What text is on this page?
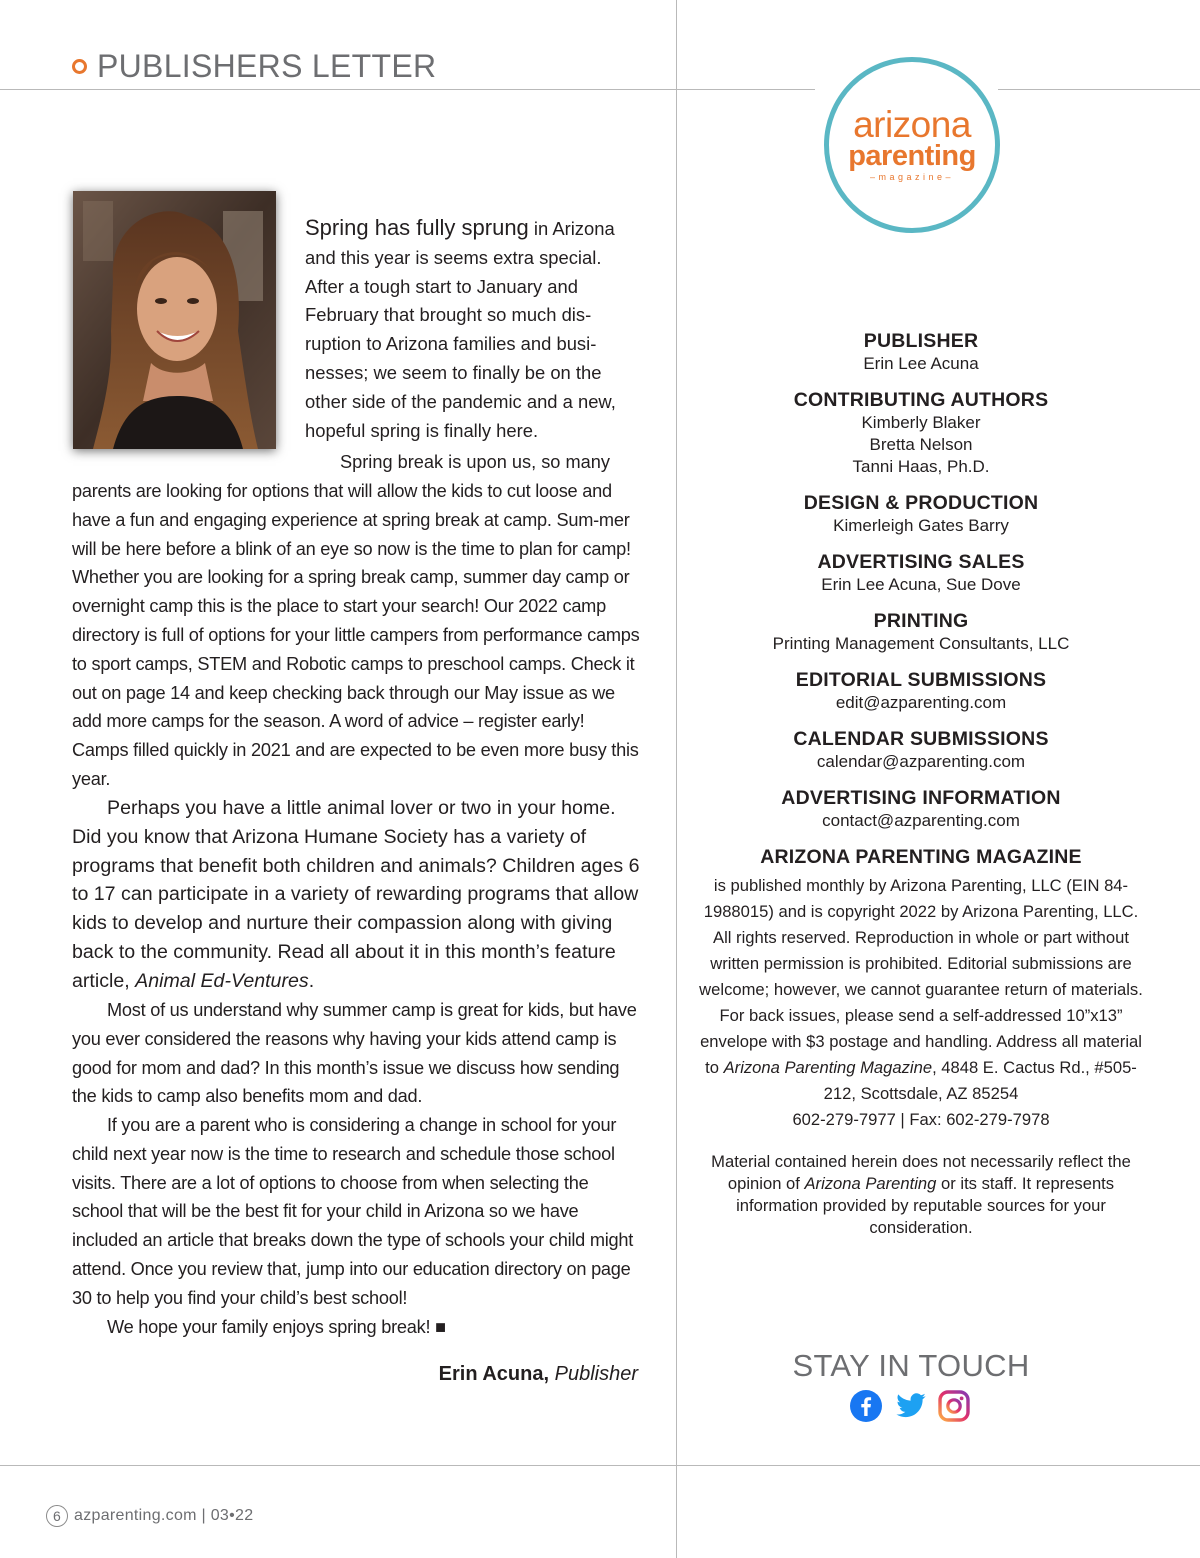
PUBLISHERS LETTER
arizona
parenting
–magazine–

Spring has fully sprung in Arizona and this year is seems extra special. After a tough start to January and February that brought so much dis-ruption to Arizona families and busi-nesses; we seem to finally be on the other side of the pandemic and a new, hopeful spring is finally here.

Spring break is upon us, so many

parents are looking for options that will allow the kids to cut loose and have a fun and engaging experience at spring break at camp. Sum-mer will be here before a blink of an eye so now is the time to plan for camp! Whether you are looking for a spring break camp, summer day camp or overnight camp this is the place to start your search! Our 2022 camp directory is full of options for your little campers from performance camps to sport camps, STEM and Robotic camps to preschool camps. Check it out on page 14 and keep checking back through our May issue as we add more camps for the season. A word of advice – register early! Camps filled quickly in 2021 and are expected to be even more busy this year.

Perhaps you have a little animal lover or two in your home. Did you know that Arizona Humane Society has a variety of programs that benefit both children and animals? Children ages 6 to 17 can participate in a variety of rewarding programs that allow kids to develop and nurture their compassion along with giving back to the community. Read all about it in this month’s feature article, Animal Ed-Ventures.

Most of us understand why summer camp is great for kids, but have you ever considered the reasons why having your kids attend camp is good for mom and dad? In this month’s issue we discuss how sending the kids to camp also benefits mom and dad.

If you are a parent who is considering a change in school for your child next year now is the time to research and schedule those school visits. There are a lot of options to choose from when selecting the school that will be the best fit for your child in Arizona so we have included an article that breaks down the type of schools your child might attend. Once you review that, jump into our education directory on page 30 to help you find your child’s best school!

We hope your family enjoys spring break! ■

Erin Acuna, Publisher

PUBLISHER
Erin Lee Acuna
CONTRIBUTING AUTHORS
Kimberly Blaker
Bretta Nelson
Tanni Haas, Ph.D.
DESIGN & PRODUCTION
Kimerleigh Gates Barry
ADVERTISING SALES
Erin Lee Acuna, Sue Dove
PRINTING
Printing Management Consultants, LLC
EDITORIAL SUBMISSIONS
edit@azparenting.com
CALENDAR SUBMISSIONS
calendar@azparenting.com
ADVERTISING INFORMATION
contact@azparenting.com
ARIZONA PARENTING MAGAZINE
is published monthly by Arizona Parenting, LLC (EIN 84-1988015) and is copyright 2022 by Arizona Parenting, LLC. All rights reserved. Reproduction in whole or part without written permission is prohibited. Editorial submissions are welcome; however, we cannot guarantee return of materials. For back issues, please send a self-addressed 10”x13” envelope with $3 postage and handling. Address all material to Arizona Parenting Magazine, 4848 E. Cactus Rd., #505-212, Scottsdale, AZ 85254
602-279-7977 | Fax: 602-279-7978
Material contained herein does not necessarily reflect the opinion of Arizona Parenting or its staff. It represents information provided by reputable sources for your consideration.
STAY IN TOUCH
6 azparenting.com | 03•22
